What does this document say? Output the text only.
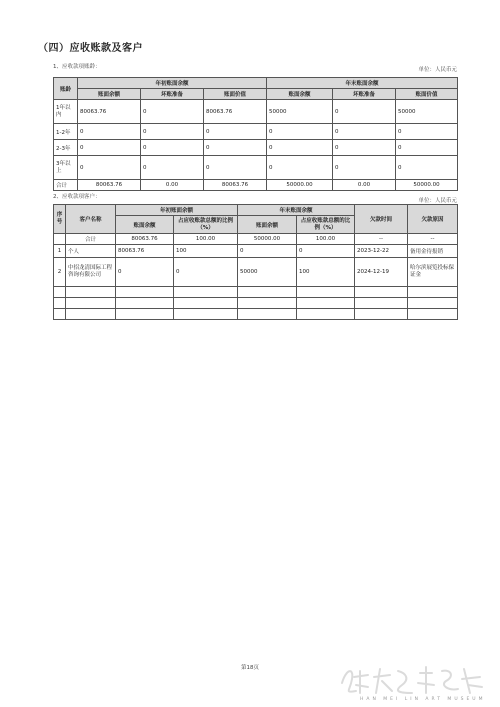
（四）应收账款及客户
1、应收款项账龄：	单位：人民币元
账龄	年初账面余额			年末账面余额		
	账面余额	坏账准备	账面价值	账面余额	坏账准备	账面价值
1年以内	80063.76	0	80063.76	50000	0	50000
1-2年	0	0	0	0	0	0
2-3年	0	0	0	0	0	0
3年以上	0	0	0	0	0	0
合计	80063.76	0.00	80063.76	50000.00	0.00	50000.00
2、应收款项客户：
单位：人民币元
序号	客户名称	年初账面余额		年末账面余额		欠款时间	欠款原因
		账面余额	占应收账款总额的比例（%）	账面余额	占应收账款总额的比例（%）		
	合计	80063.76	100.00	50000.00	100.00	--	--
1	个人	80063.76	100	0	0	2023-12-22	备用金待报销
2	中招龙清国际工程咨询有限公司	0	0	50000	100	2024-12-19	哈尔滨展览投标保证金

第18页
HAN MEI LIN ART MUSEUM
